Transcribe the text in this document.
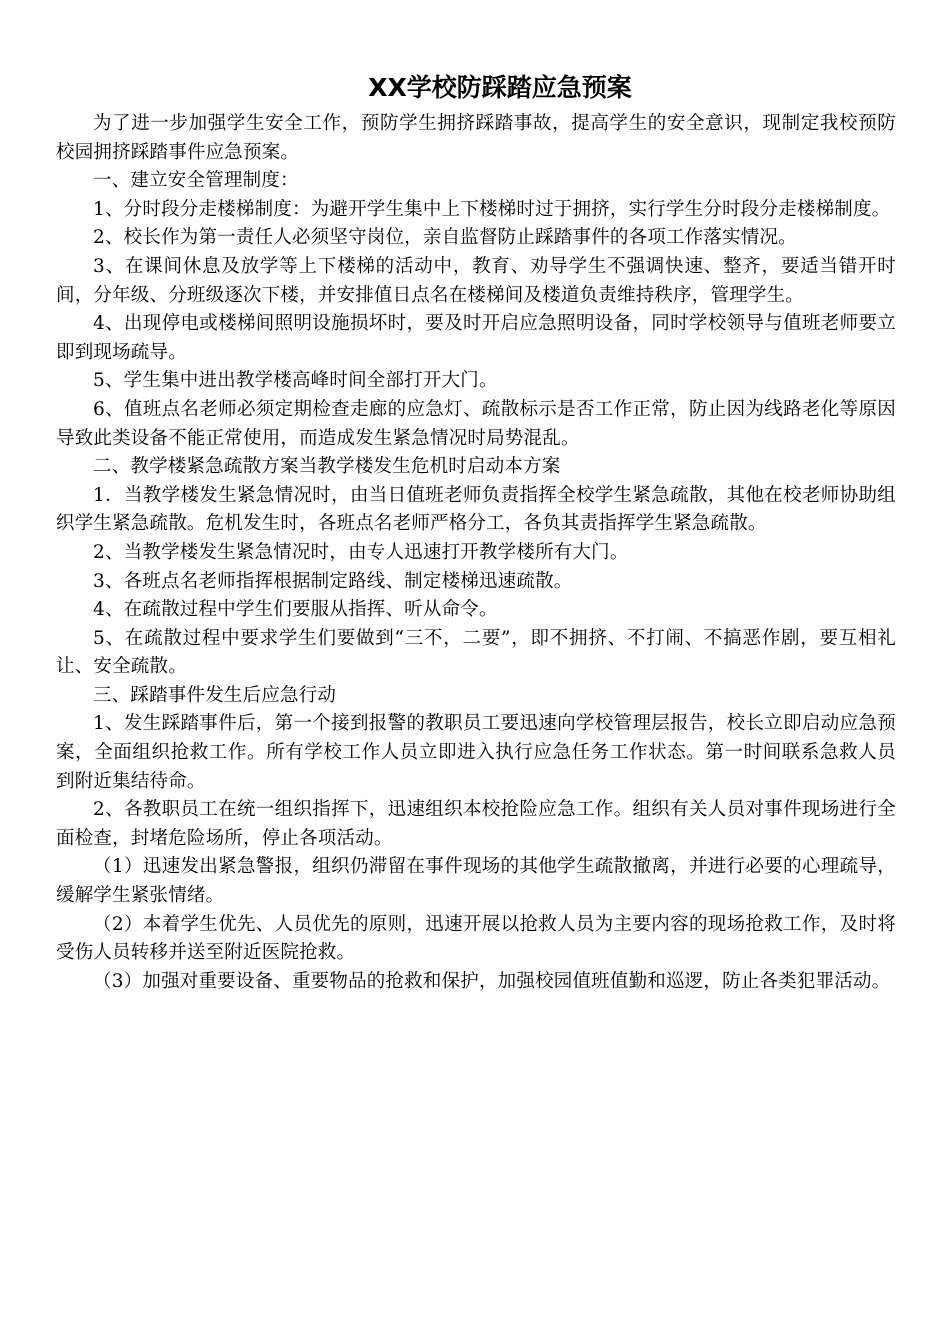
XX学校防踩踏应急预案

为了进一步加强学生安全工作，预防学生拥挤踩踏事故，提高学生的安全意识，现制定我校预防校园拥挤踩踏事件应急预案。

一、建立安全管理制度：

1、分时段分走楼梯制度：为避开学生集中上下楼梯时过于拥挤，实行学生分时段分走楼梯制度。

2、校长作为第一责任人必须坚守岗位，亲自监督防止踩踏事件的各项工作落实情况。

3、在课间休息及放学等上下楼梯的活动中，教育、劝导学生不强调快速、整齐，要适当错开时间，分年级、分班级逐次下楼，并安排值日点名在楼梯间及楼道负责维持秩序，管理学生。

4、出现停电或楼梯间照明设施损坏时，要及时开启应急照明设备，同时学校领导与值班老师要立即到现场疏导。

5、学生集中进出教学楼高峰时间全部打开大门。

6、值班点名老师必须定期检查走廊的应急灯、疏散标示是否工作正常，防止因为线路老化等原因导致此类设备不能正常使用，而造成发生紧急情况时局势混乱。

二、教学楼紧急疏散方案当教学楼发生危机时启动本方案

1．当教学楼发生紧急情况时，由当日值班老师负责指挥全校学生紧急疏散，其他在校老师协助组织学生紧急疏散。危机发生时，各班点名老师严格分工，各负其责指挥学生紧急疏散。

2、当教学楼发生紧急情况时，由专人迅速打开教学楼所有大门。

3、各班点名老师指挥根据制定路线、制定楼梯迅速疏散。

4、在疏散过程中学生们要服从指挥、听从命令。

5、在疏散过程中要求学生们要做到“三不，二要”，即不拥挤、不打闹、不搞恶作剧，要互相礼让、安全疏散。

三、踩踏事件发生后应急行动

1、发生踩踏事件后，第一个接到报警的教职员工要迅速向学校管理层报告，校长立即启动应急预案，全面组织抢救工作。所有学校工作人员立即进入执行应急任务工作状态。第一时间联系急救人员到附近集结待命。

2、各教职员工在统一组织指挥下，迅速组织本校抢险应急工作。组织有关人员对事件现场进行全面检查，封堵危险场所，停止各项活动。

（1）迅速发出紧急警报，组织仍滞留在事件现场的其他学生疏散撤离，并进行必要的心理疏导，缓解学生紧张情绪。

（2）本着学生优先、人员优先的原则，迅速开展以抢救人员为主要内容的现场抢救工作，及时将受伤人员转移并送至附近医院抢救。

（3）加强对重要设备、重要物品的抢救和保护，加强校园值班值勤和巡逻，防止各类犯罪活动。
